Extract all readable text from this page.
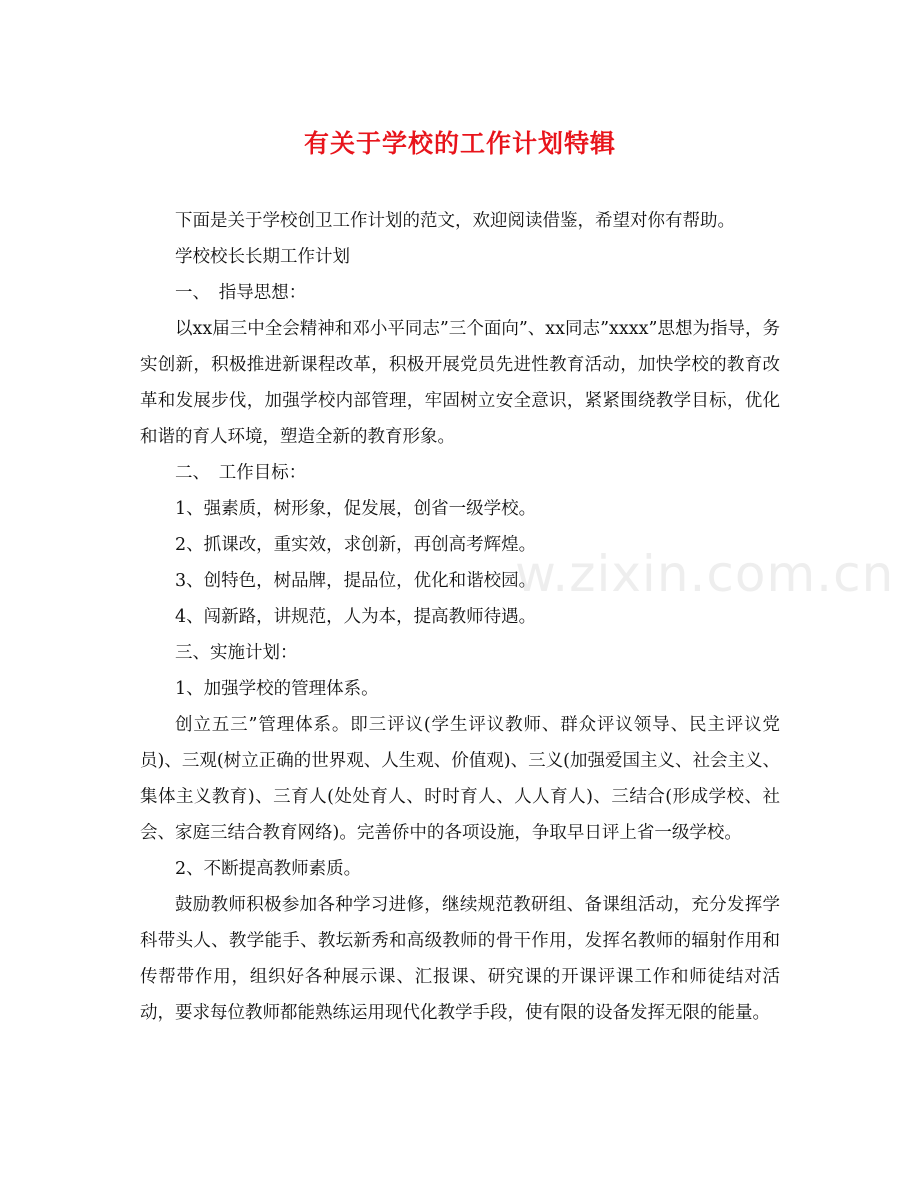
w.zixin.com.cn
有关于学校的工作计划特辑

下面是关于学校创卫工作计划的范文，欢迎阅读借鉴，希望对你有帮助。

学校校长长期工作计划

一、　指导思想：

以xx届三中全会精神和邓小平同志”三个面向”、xx同志”xxxx”思想为指导，务实创新，积极推进新课程改革，积极开展党员先进性教育活动，加快学校的教育改革和发展步伐，加强学校内部管理，牢固树立安全意识，紧紧围绕教学目标，优化和谐的育人环境，塑造全新的教育形象。

二、　工作目标：

1、强素质，树形象，促发展，创省一级学校。

2、抓课改，重实效，求创新，再创高考辉煌。

3、创特色，树品牌，提品位，优化和谐校园。

4、闯新路，讲规范，人为本，提高教师待遇。

三、实施计划：

1、加强学校的管理体系。

创立五三”管理体系。即三评议(学生评议教师、群众评议领导、民主评议党员)、三观(树立正确的世界观、人生观、价值观)、三义(加强爱国主义、社会主义、集体主义教育)、三育人(处处育人、时时育人、人人育人)、三结合(形成学校、社会、家庭三结合教育网络)。完善侨中的各项设施，争取早日评上省一级学校。

2、不断提高教师素质。

鼓励教师积极参加各种学习进修，继续规范教研组、备课组活动，充分发挥学科带头人、教学能手、教坛新秀和高级教师的骨干作用，发挥名教师的辐射作用和传帮带作用，组织好各种展示课、汇报课、研究课的开课评课工作和师徒结对活动，要求每位教师都能熟练运用现代化教学手段，使有限的设备发挥无限的能量。
